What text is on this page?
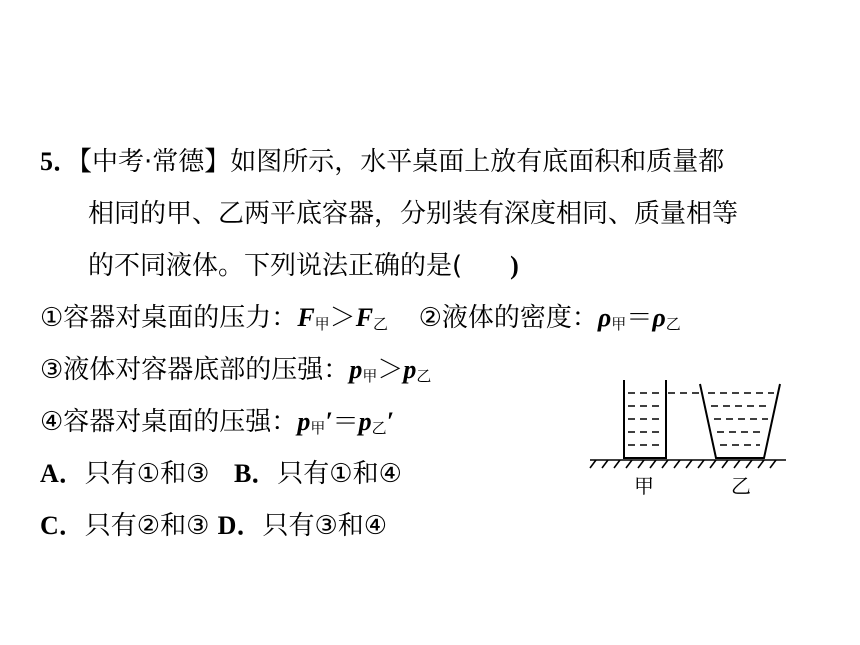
5．【中考·常德】如图所示，水平桌面上放有底面积和质量都
相同的甲、乙两平底容器，分别装有深度相同、质量相等
的不同液体。下列说法正确的是( )
①容器对桌面的压力：$F_甲>F_乙$ ②液体的密度：$\rho_甲=\rho_乙$
③液体对容器底部的压强：$p_甲>p_乙$
④容器对桌面的压强：$p_甲'=p_乙'$
A．只有①和③ B．只有①和④
C．只有②和③ D．只有③和④
甲	乙
